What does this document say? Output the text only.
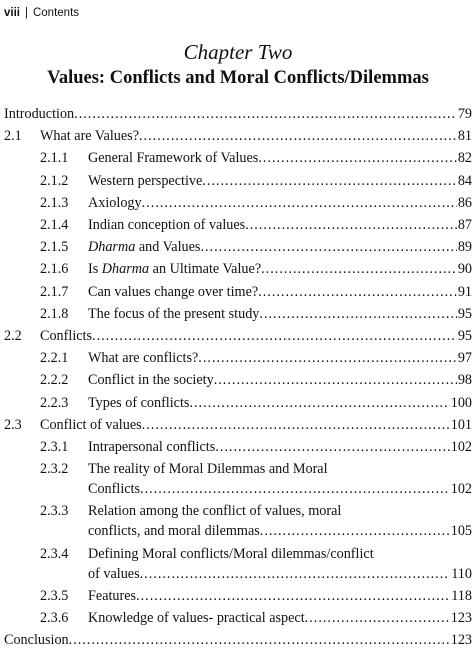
viii | Contents
Chapter Two
Values: Conflicts and Moral Conflicts/Dilemmas
Introduction .....	79
2.1 What are Values? .....	81
2.1.1 General Framework of Values .....	82
2.1.2 Western perspective .....	84
2.1.3 Axiology .....	86
2.1.4 Indian conception of values .....	87
2.1.5 Dharma and Values .....	89
2.1.6 Is Dharma an Ultimate Value? .....	90
2.1.7 Can values change over time? .....	91
2.1.8 The focus of the present study .....	95
2.2 Conflicts .....	95
2.2.1 What are conflicts? .....	97
2.2.2 Conflict in the society .....	98
2.2.3 Types of conflicts .....	100
2.3 Conflict of values .....	101
2.3.1 Intrapersonal conflicts .....	102
2.3.2 The reality of Moral Dilemmas and Moral
Conflicts .....	102
2.3.3 Relation among the conflict of values, moral
conflicts, and moral dilemmas .....	105
2.3.4 Defining Moral conflicts/Moral dilemmas/conflict
of values .....	110
2.3.5 Features .....	118
2.3.6 Knowledge of values- practical aspect .....	123
Conclusion .....	123
